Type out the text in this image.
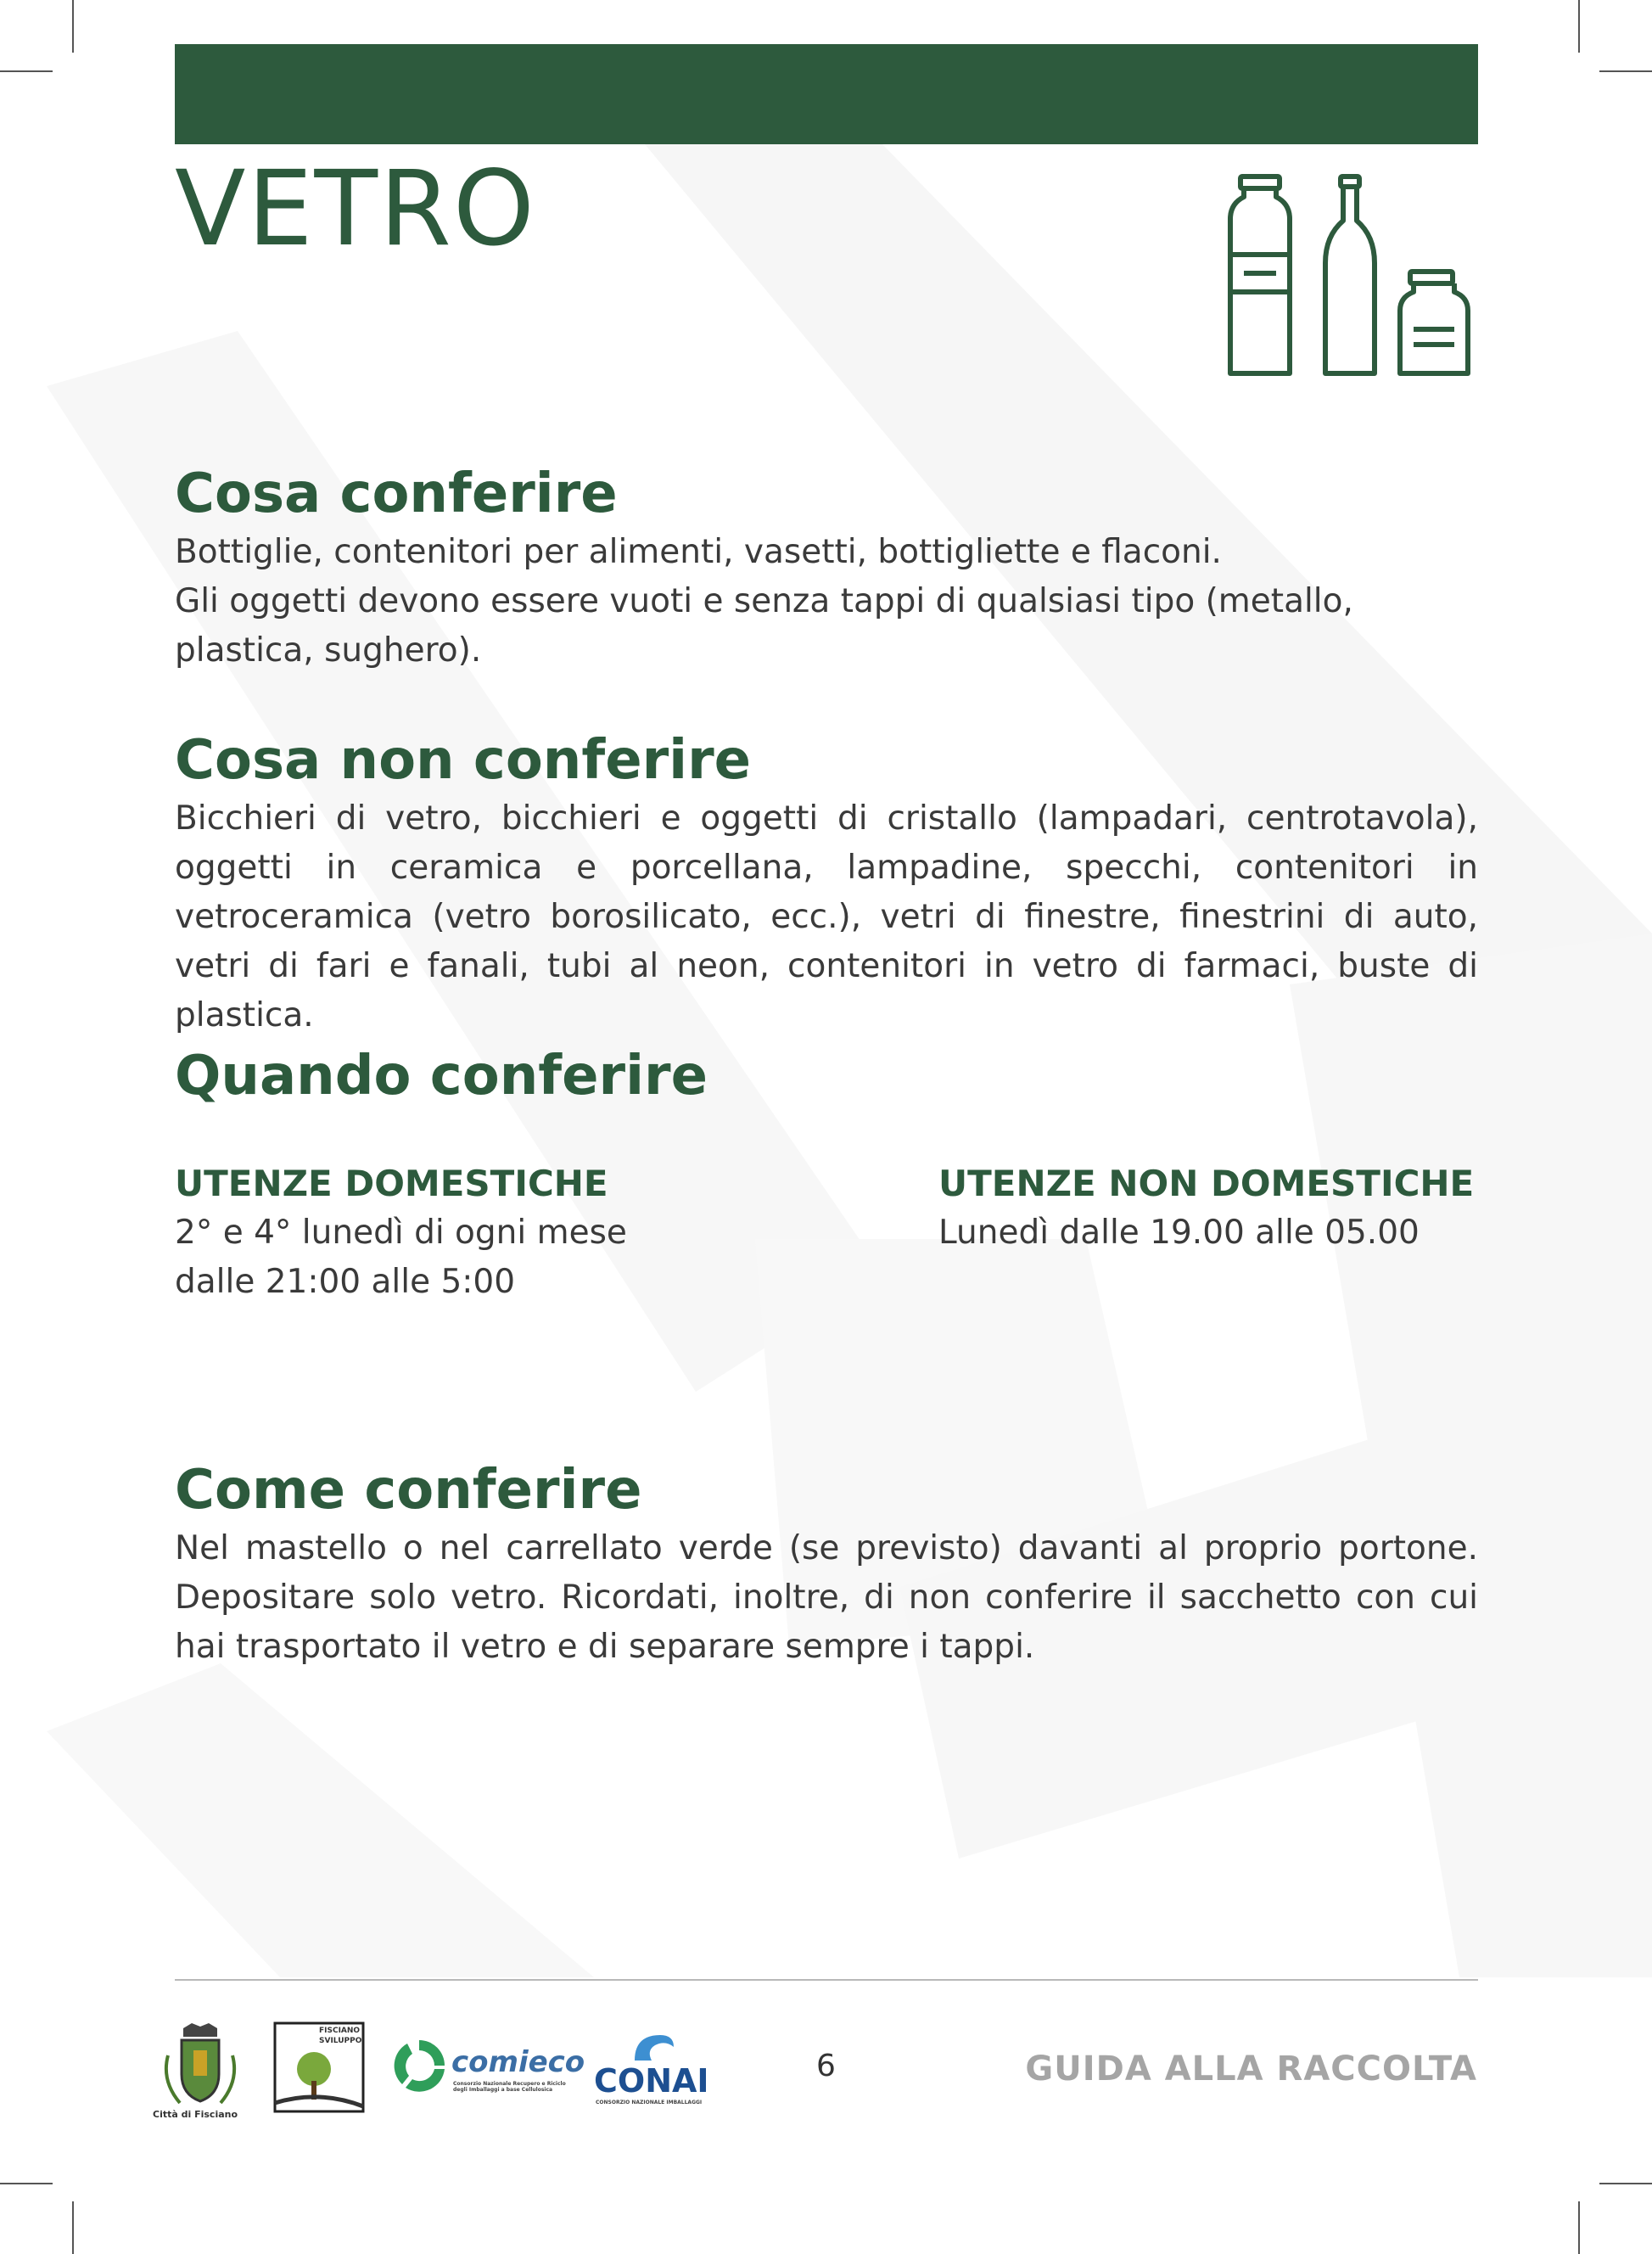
VETRO
Cosa conferire

Bottiglie, contenitori per alimenti, vasetti, bottigliette e flaconi.

Gli oggetti devono essere vuoti e senza tappi di qualsiasi tipo (metallo, plastica, sughero).

Cosa non conferire

Bicchieri di vetro, bicchieri e oggetti di cristallo (lampadari, centrotavola), oggetti in ceramica e porcellana, lampadine, specchi, contenitori in vetroceramica (vetro borosilicato, ecc.), vetri di finestre, finestrini di auto, vetri di fari e fanali, tubi al neon, contenitori in vetro di farmaci, buste di plastica.

Quando conferire
UTENZE DOMESTICHE

2° e 4° lunedì di ogni mese
dalle 21:00 alle 5:00

UTENZE NON DOMESTICHE

Lunedì dalle 19.00 alle 05.00

Come conferire

Nel mastello o nel carrellato verde (se previsto) davanti al proprio portone. Depositare solo vetro. Ricordati, inoltre, di non conferire il sacchetto con cui hai trasportato il vetro e di separare sempre i tappi.

Città di Fisciano
FISCIANO
SVILUPPO
comieco
Consorzio Nazionale Recupero e Riciclo degli Imballaggi a base Cellulosica	CONAI
CONSORZIO NAZIONALE IMBALLAGGI
6	GUIDA ALLA RACCOLTA
